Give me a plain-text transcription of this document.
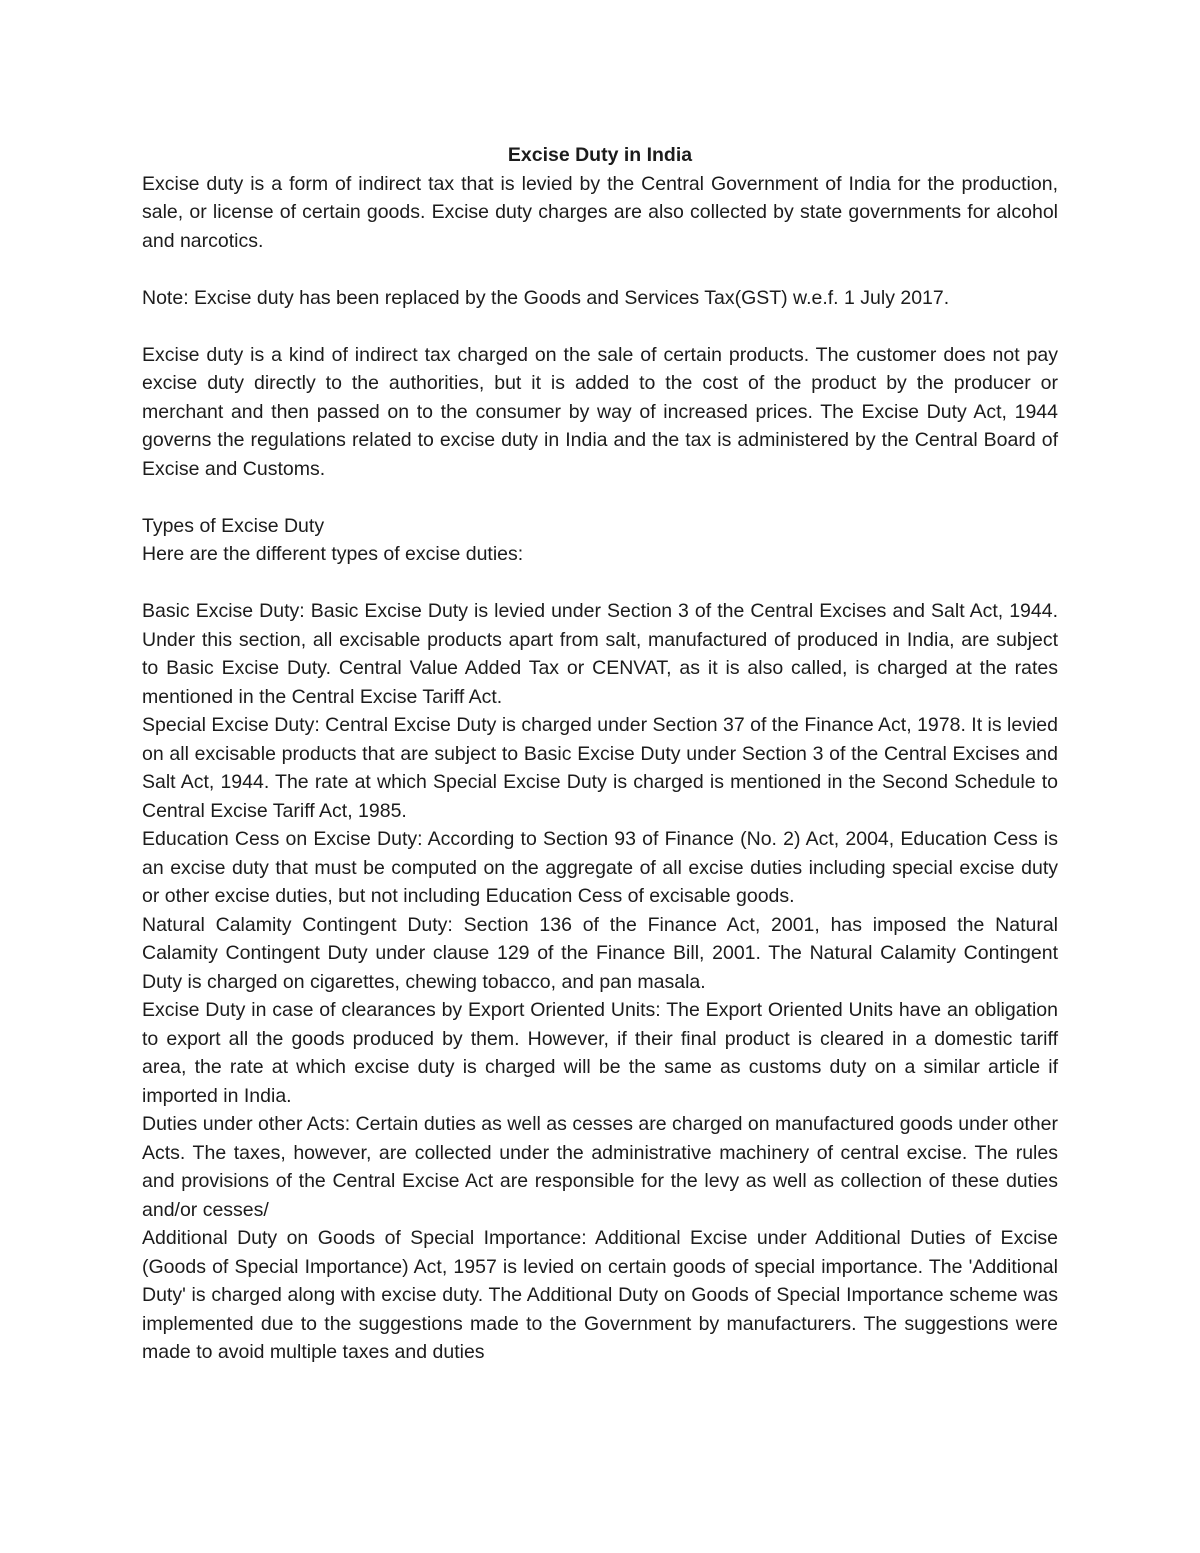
Excise Duty in India

Excise duty is a form of indirect tax that is levied by the Central Government of India for the production, sale, or license of certain goods. Excise duty charges are also collected by state governments for alcohol and narcotics.

Note: Excise duty has been replaced by the Goods and Services Tax(GST) w.e.f. 1 July 2017.

Excise duty is a kind of indirect tax charged on the sale of certain products. The customer does not pay excise duty directly to the authorities, but it is added to the cost of the product by the producer or merchant and then passed on to the consumer by way of increased prices. The Excise Duty Act, 1944 governs the regulations related to excise duty in India and the tax is administered by the Central Board of Excise and Customs.

Types of Excise Duty

Here are the different types of excise duties:

Basic Excise Duty: Basic Excise Duty is levied under Section 3 of the Central Excises and Salt Act, 1944. Under this section, all excisable products apart from salt, manufactured of produced in India, are subject to Basic Excise Duty. Central Value Added Tax or CENVAT, as it is also called, is charged at the rates mentioned in the Central Excise Tariff Act.

Special Excise Duty: Central Excise Duty is charged under Section 37 of the Finance Act, 1978. It is levied on all excisable products that are subject to Basic Excise Duty under Section 3 of the Central Excises and Salt Act, 1944. The rate at which Special Excise Duty is charged is mentioned in the Second Schedule to Central Excise Tariff Act, 1985.

Education Cess on Excise Duty: According to Section 93 of Finance (No. 2) Act, 2004, Education Cess is an excise duty that must be computed on the aggregate of all excise duties including special excise duty or other excise duties, but not including Education Cess of excisable goods.

Natural Calamity Contingent Duty: Section 136 of the Finance Act, 2001, has imposed the Natural Calamity Contingent Duty under clause 129 of the Finance Bill, 2001. The Natural Calamity Contingent Duty is charged on cigarettes, chewing tobacco, and pan masala.

Excise Duty in case of clearances by Export Oriented Units: The Export Oriented Units have an obligation to export all the goods produced by them. However, if their final product is cleared in a domestic tariff area, the rate at which excise duty is charged will be the same as customs duty on a similar article if imported in India.

Duties under other Acts: Certain duties as well as cesses are charged on manufactured goods under other Acts. The taxes, however, are collected under the administrative machinery of central excise. The rules and provisions of the Central Excise Act are responsible for the levy as well as collection of these duties and/or cesses/

Additional Duty on Goods of Special Importance: Additional Excise under Additional Duties of Excise (Goods of Special Importance) Act, 1957 is levied on certain goods of special importance. The 'Additional Duty' is charged along with excise duty. The Additional Duty on Goods of Special Importance scheme was implemented due to the suggestions made to the Government by manufacturers. The suggestions were made to avoid multiple taxes and duties
